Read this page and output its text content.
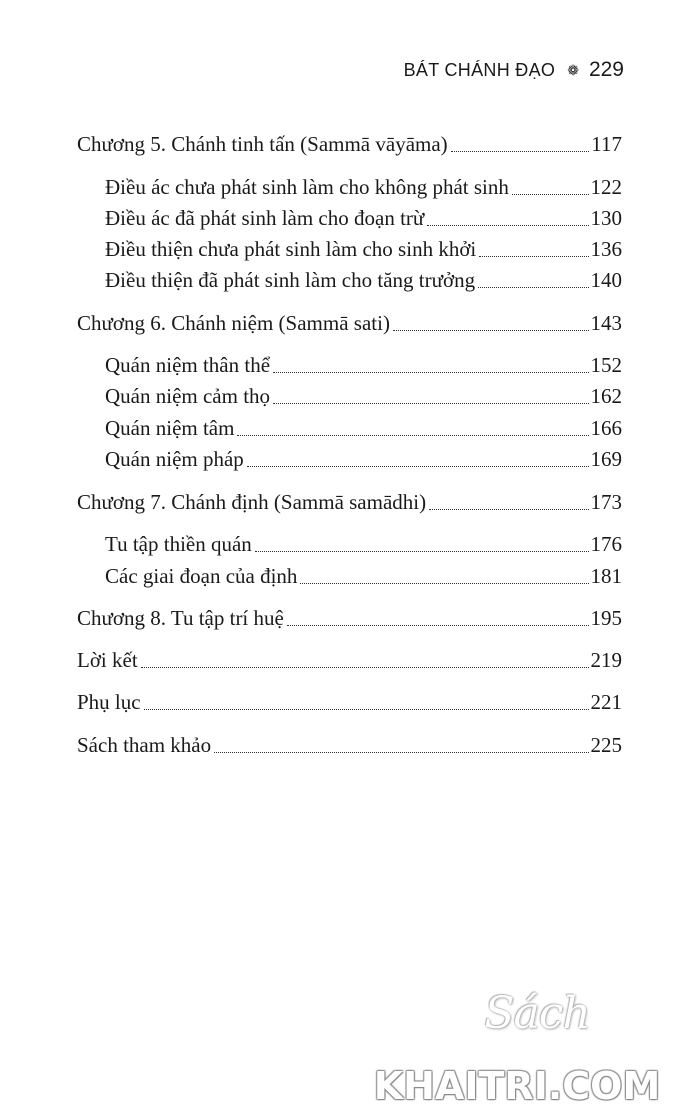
BÁT CHÁNH ĐẠO ❁ 229
Chương 5. Chánh tinh tấn (Sammā vāyāma)	117
Điều ác chưa phát sinh làm cho không phát sinh	122
Điều ác đã phát sinh làm cho đoạn trừ	130
Điều thiện chưa phát sinh làm cho sinh khởi	136
Điều thiện đã phát sinh làm cho tăng trưởng	140
Chương 6. Chánh niệm (Sammā sati)	143
Quán niệm thân thể	152
Quán niệm cảm thọ	162
Quán niệm tâm	166
Quán niệm pháp	169
Chương 7. Chánh định (Sammā samādhi)	173
Tu tập thiền quán	176
Các giai đoạn của định	181
Chương 8. Tu tập trí huệ	195
Lời kết	219
Phụ lục	221
Sách tham khảo	225
Sách
KHAITRI.COM
